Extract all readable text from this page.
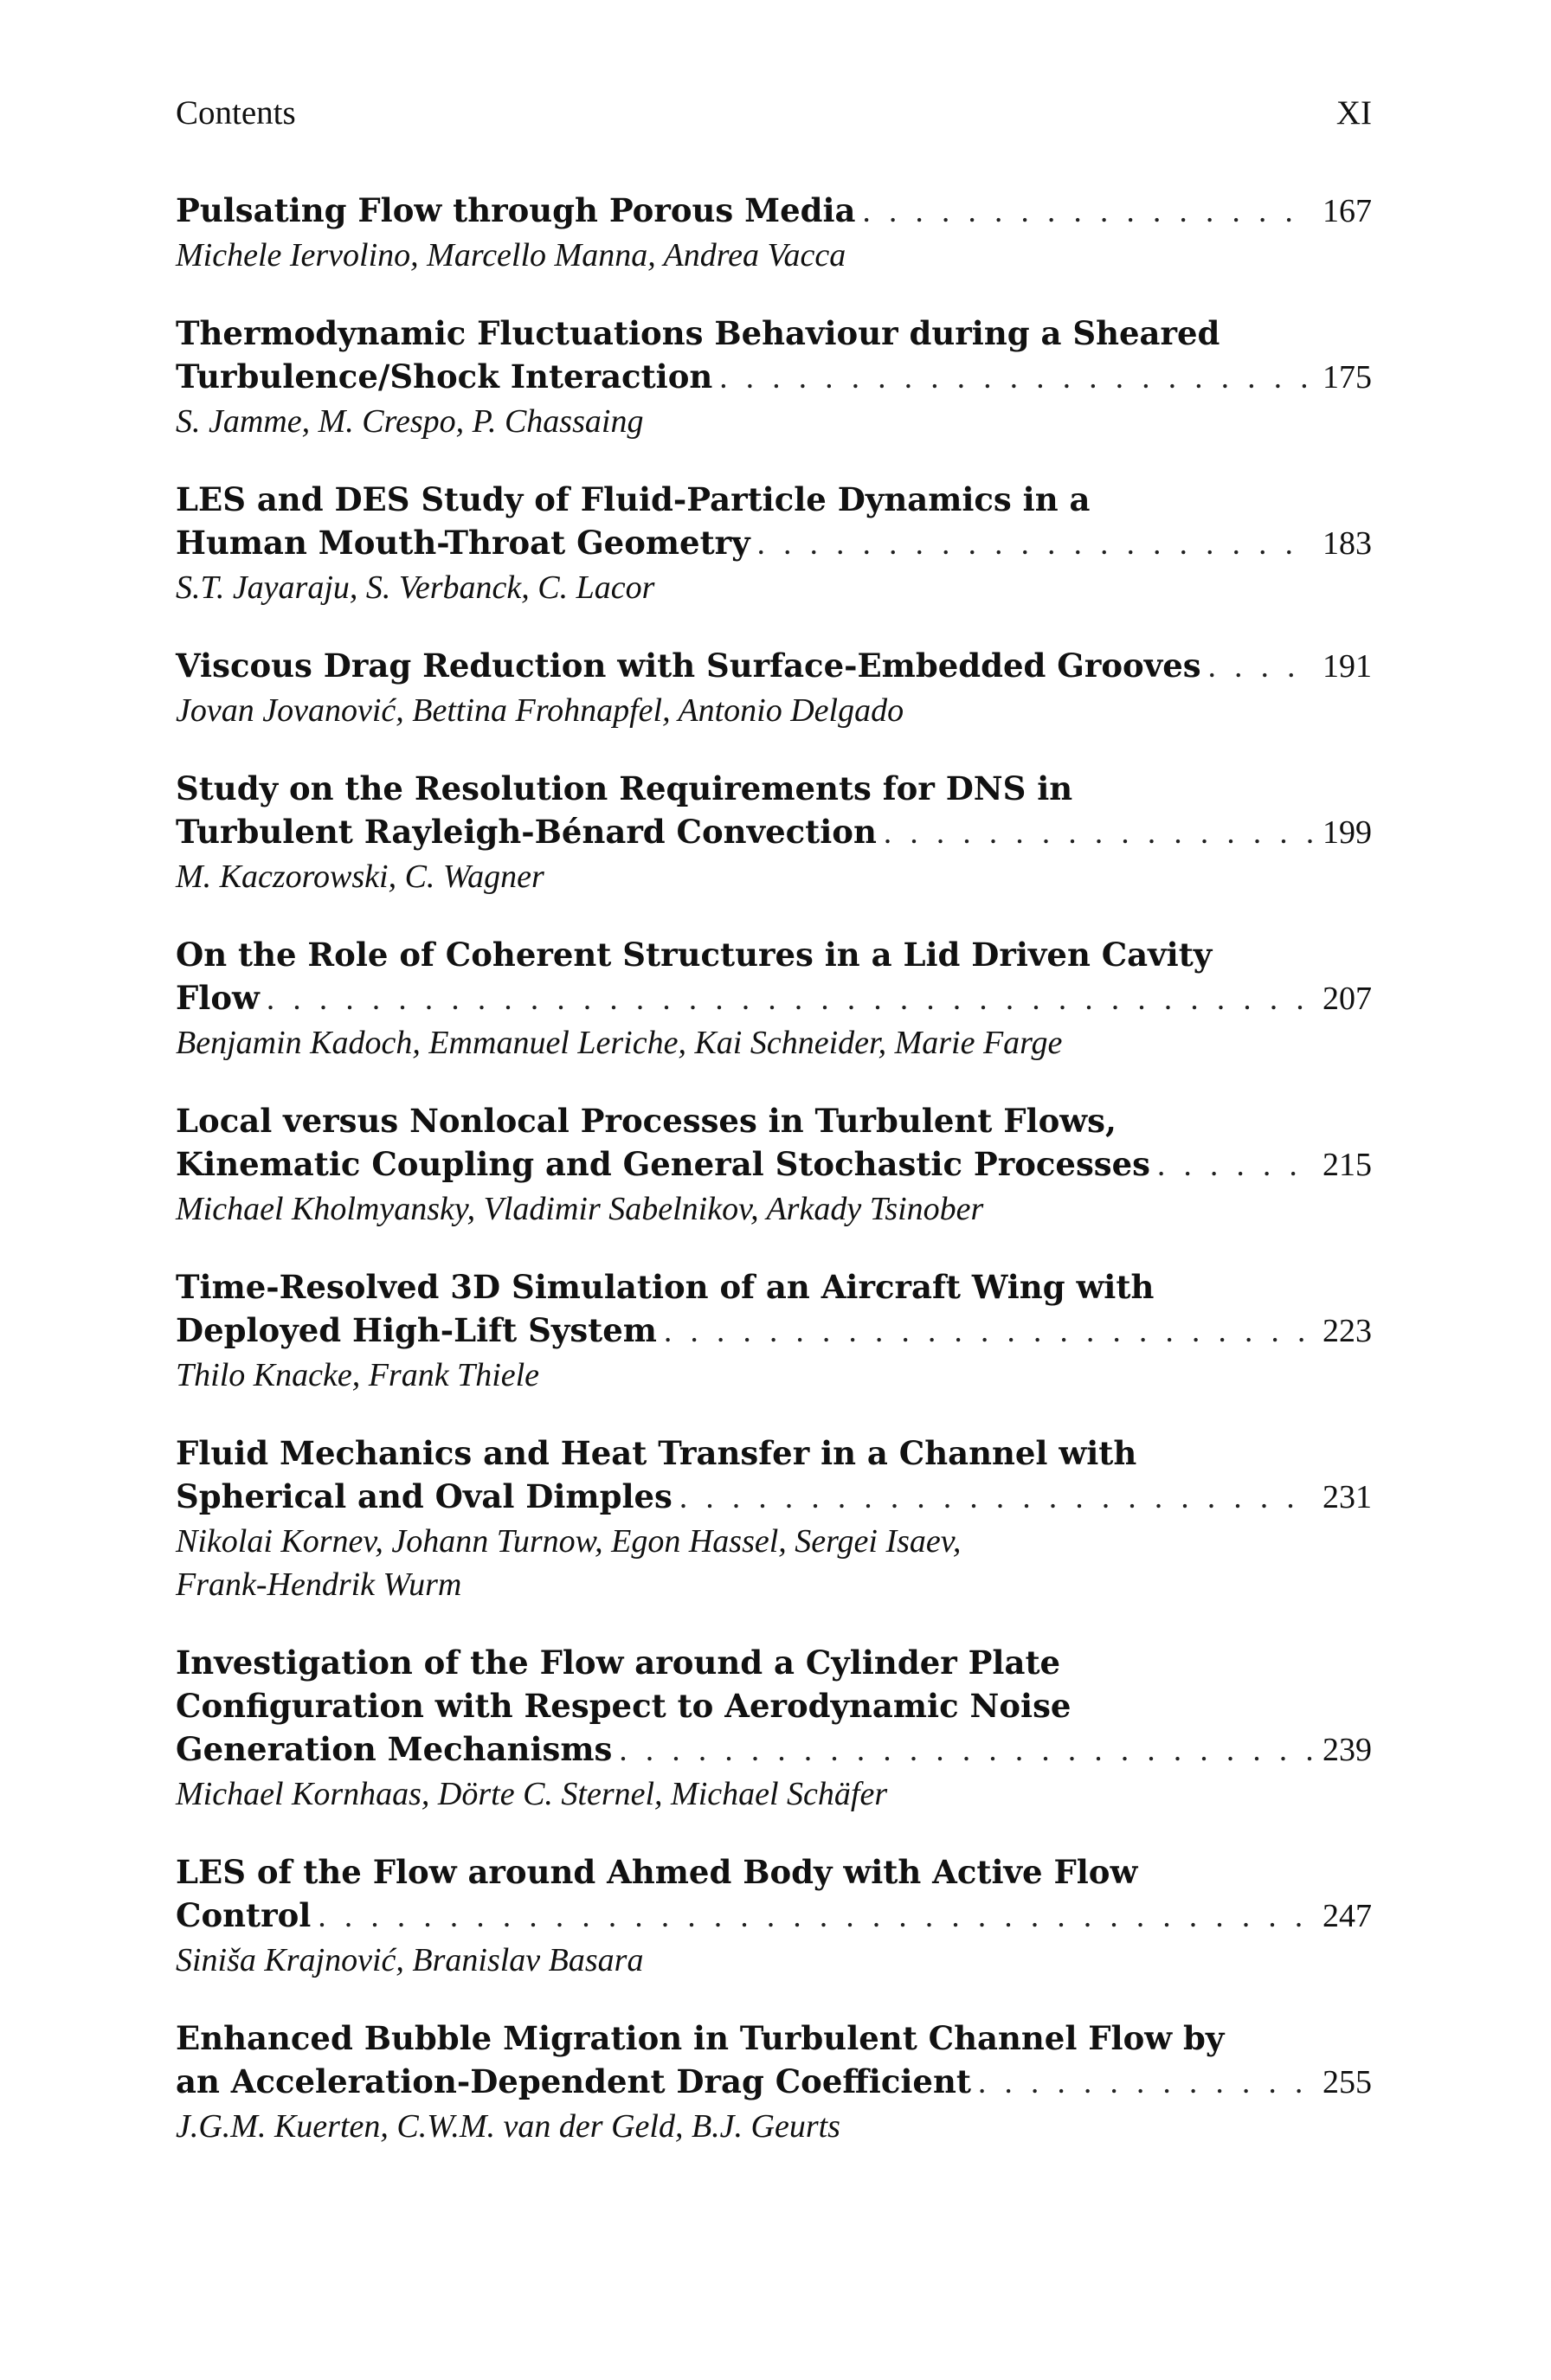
Contents	XI
Pulsating Flow through Porous Media . . .	167
Michele Iervolino, Marcello Manna, Andrea Vacca
Thermodynamic Fluctuations Behaviour during a Sheared
Turbulence/Shock Interaction . . .	175
S. Jamme, M. Crespo, P. Chassaing
LES and DES Study of Fluid-Particle Dynamics in a
Human Mouth-Throat Geometry . . .	183
S.T. Jayaraju, S. Verbanck, C. Lacor
Viscous Drag Reduction with Surface-Embedded Grooves . . .	191
Jovan Jovanović, Bettina Frohnapfel, Antonio Delgado
Study on the Resolution Requirements for DNS in
Turbulent Rayleigh-Bénard Convection . . .	199
M. Kaczorowski, C. Wagner
On the Role of Coherent Structures in a Lid Driven Cavity
Flow . . .	207
Benjamin Kadoch, Emmanuel Leriche, Kai Schneider, Marie Farge
Local versus Nonlocal Processes in Turbulent Flows,
Kinematic Coupling and General Stochastic Processes . . .	215
Michael Kholmyansky, Vladimir Sabelnikov, Arkady Tsinober
Time-Resolved 3D Simulation of an Aircraft Wing with
Deployed High-Lift System . . .	223
Thilo Knacke, Frank Thiele
Fluid Mechanics and Heat Transfer in a Channel with
Spherical and Oval Dimples . . .	231
Nikolai Kornev, Johann Turnow, Egon Hassel, Sergei Isaev,
Frank-Hendrik Wurm
Investigation of the Flow around a Cylinder Plate
Configuration with Respect to Aerodynamic Noise
Generation Mechanisms . . .	239
Michael Kornhaas, Dörte C. Sternel, Michael Schäfer
LES of the Flow around Ahmed Body with Active Flow
Control . . .	247
Siniša Krajnović, Branislav Basara
Enhanced Bubble Migration in Turbulent Channel Flow by
an Acceleration-Dependent Drag Coefficient . . .	255
J.G.M. Kuerten, C.W.M. van der Geld, B.J. Geurts
